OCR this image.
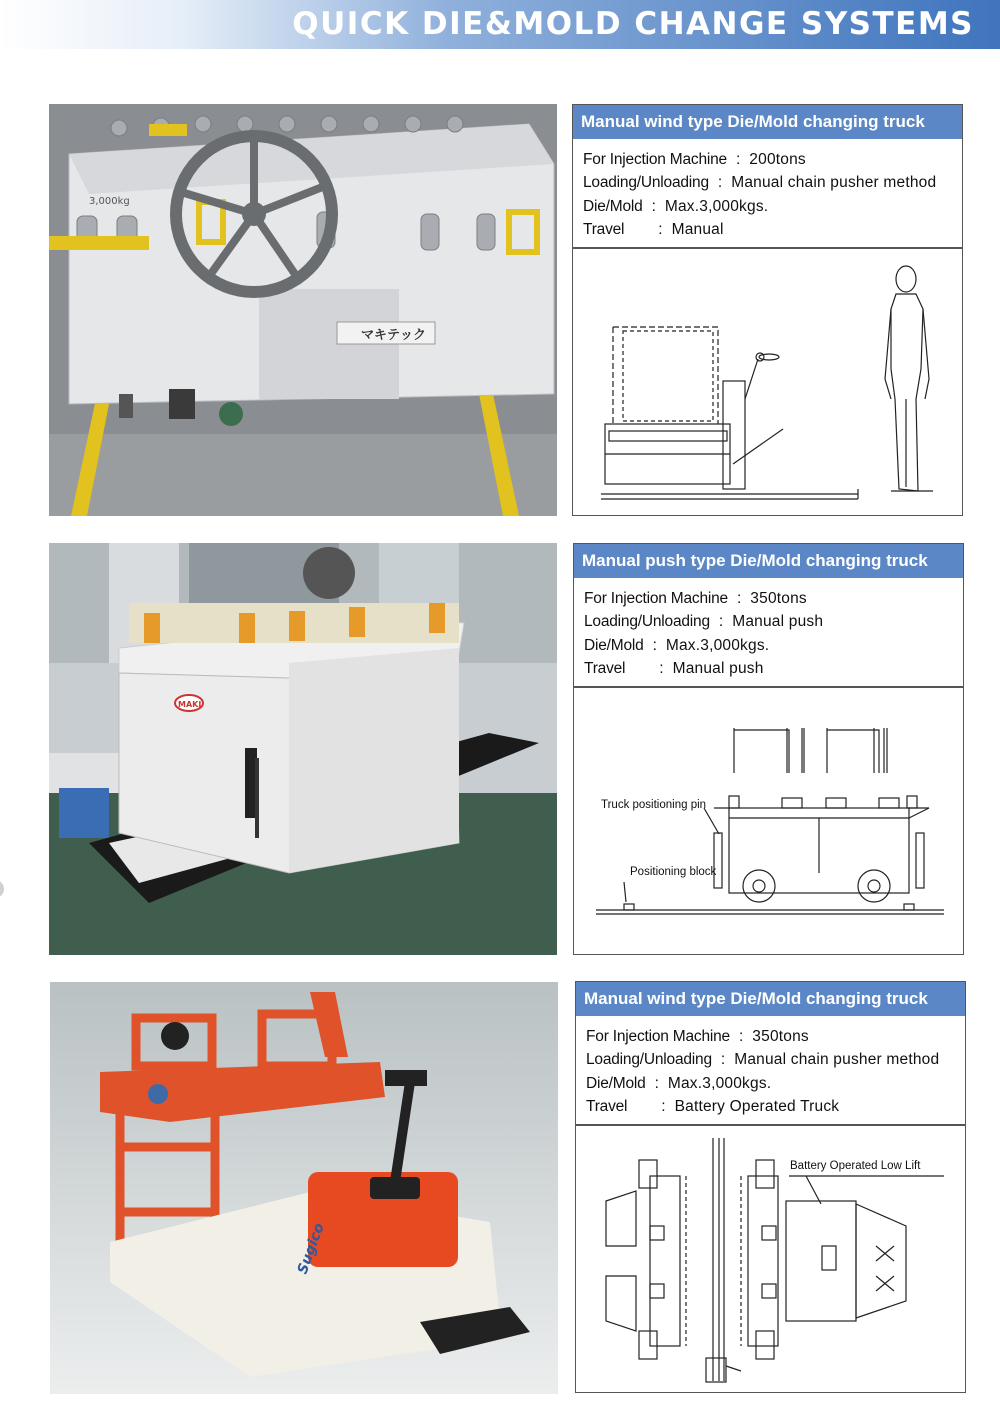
QUICK DIE&MOLD CHANGE SYSTEMS
3,000kg
マキテック
Manual wind type Die/Mold changing truck
For Injection Machine : 200tons
Loading/Unloading : Manual chain pusher method
Die/Mold : Max.3,000kgs.
Travel : Manual
MAKI
Manual push type Die/Mold changing truck
For Injection Machine : 350tons
Loading/Unloading : Manual push
Die/Mold : Max.3,000kgs.
Travel : Manual push
Truck positioning pin
Positioning block
Sugico
Manual wind type Die/Mold changing truck
For Injection Machine : 350tons
Loading/Unloading : Manual chain pusher method
Die/Mold : Max.3,000kgs.
Travel : Battery Operated Truck
Battery Operated Low Lift
